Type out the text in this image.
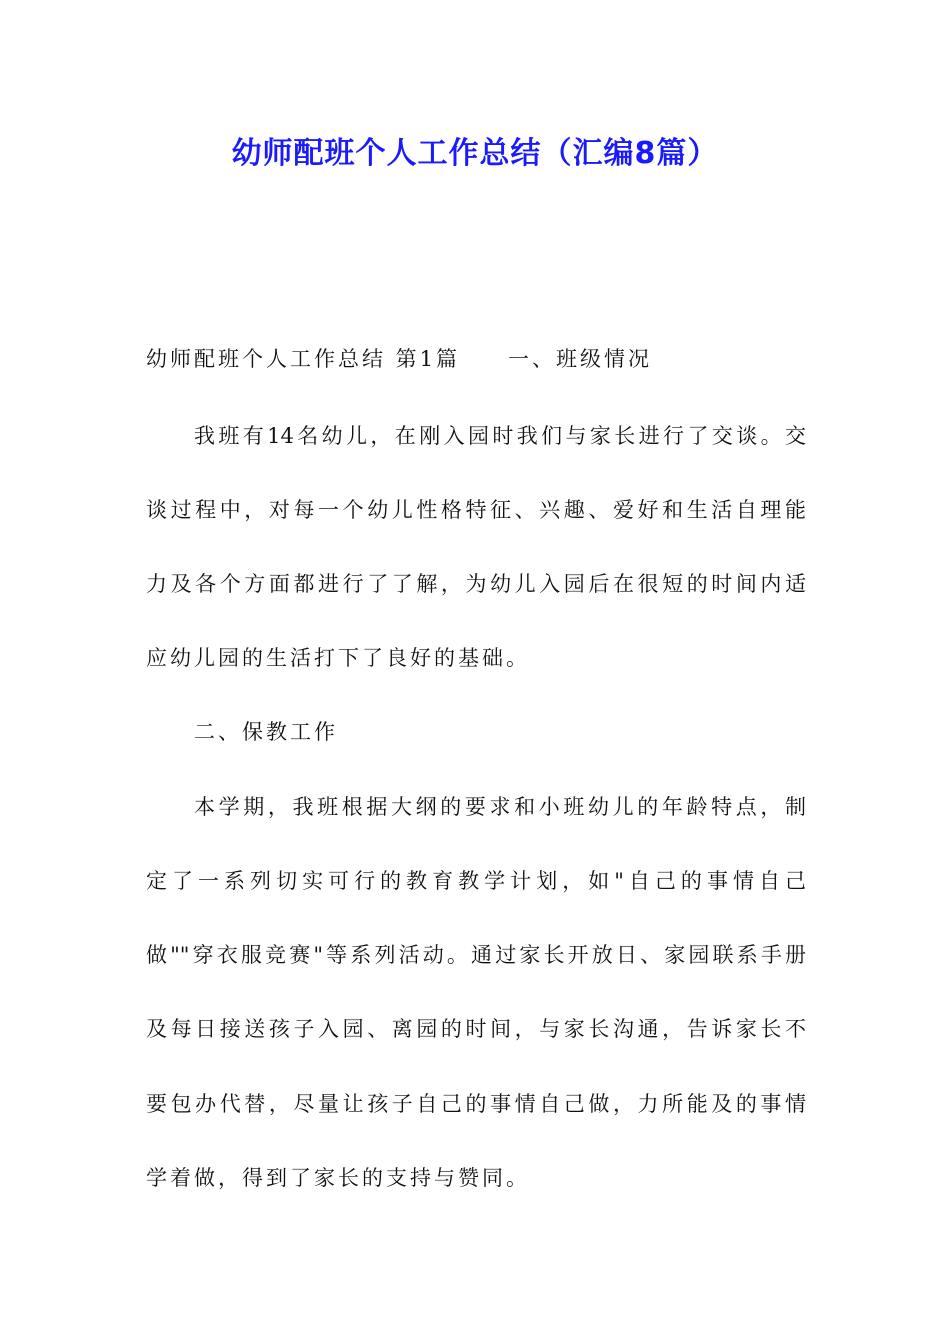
幼师配班个人工作总结（汇编8篇）

幼师配班个人工作总结 第1篇　　一、班级情况

我班有14名幼儿，在刚入园时我们与家长进行了交谈。交

谈过程中，对每一个幼儿性格特征、兴趣、爱好和生活自理能

力及各个方面都进行了了解，为幼儿入园后在很短的时间内适

应幼儿园的生活打下了良好的基础。

二、保教工作

本学期，我班根据大纲的要求和小班幼儿的年龄特点，制

定了一系列切实可行的教育教学计划，如"自己的事情自己

做""穿衣服竞赛"等系列活动。通过家长开放日、家园联系手册

及每日接送孩子入园、离园的时间，与家长沟通，告诉家长不

要包办代替，尽量让孩子自己的事情自己做，力所能及的事情

学着做，得到了家长的支持与赞同。
